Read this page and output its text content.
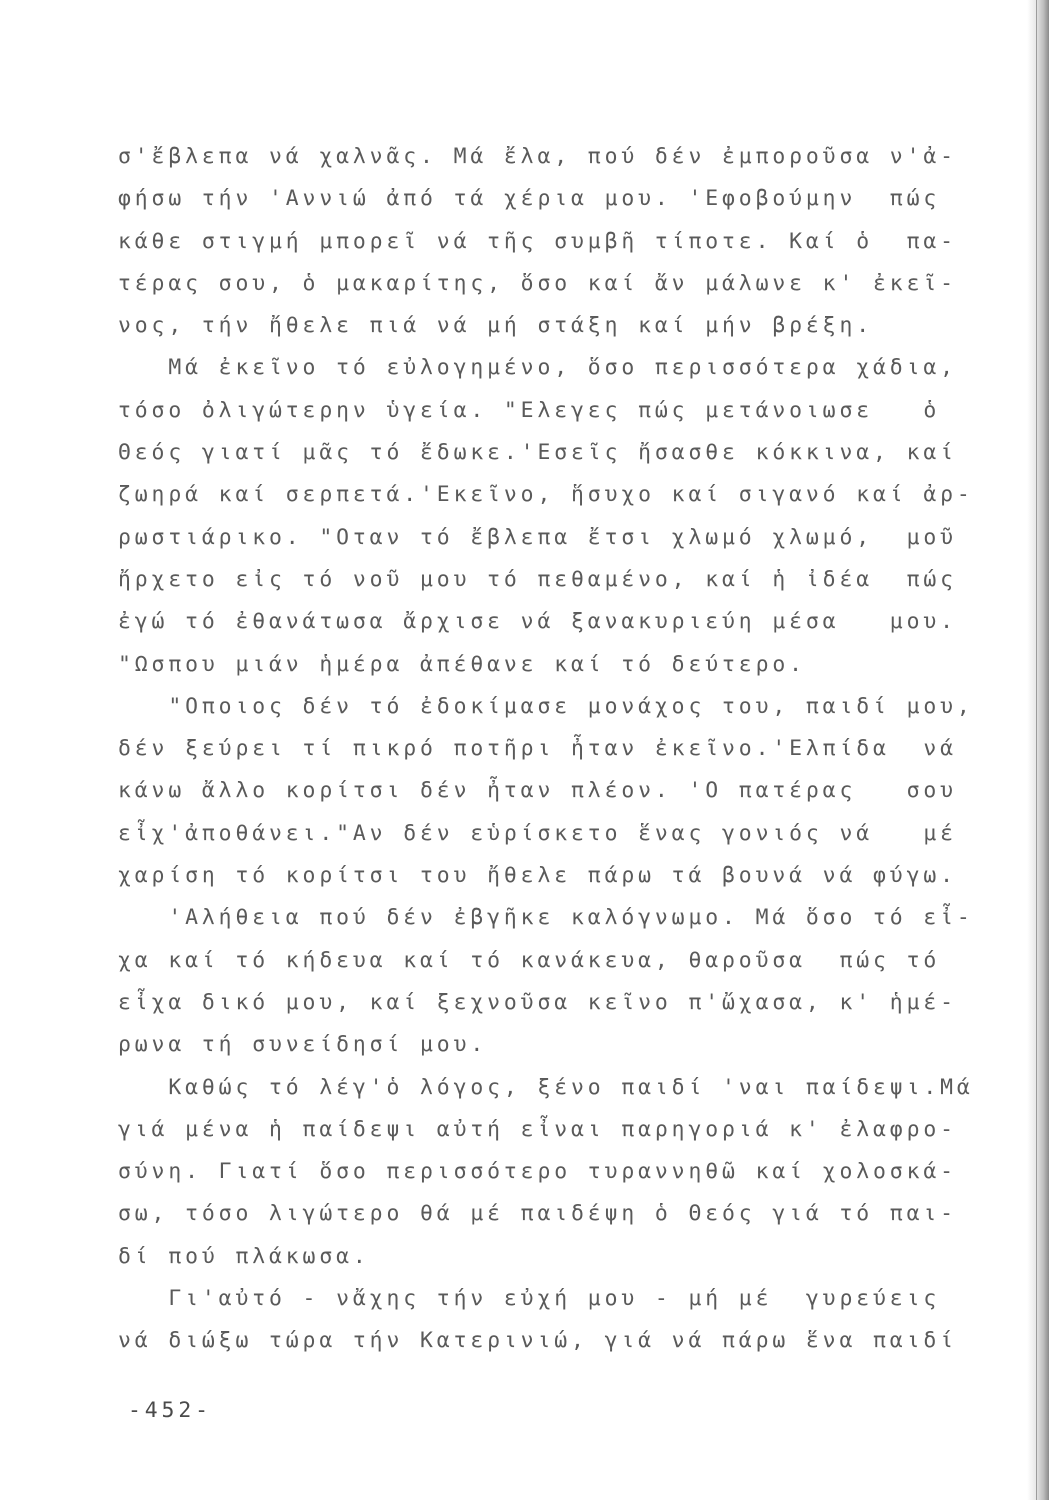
σ'ἔβλεπα νά χαλνᾶς. Μά ἔλα, πού δέν ἐμποροῦσα ν'ἀ-
φήσω τήν 'Αννιώ ἀπό τά χέρια μου. 'Εφοβούμην  πώς
κάθε στιγμή μπορεῖ νά τῆς συμβῆ τίποτε. Καί ὁ  πα-
τέρας σου, ὁ μακαρίτης, ὅσο καί ἄν μάλωνε κ' ἐκεῖ-
νος, τήν ἤθελε πιά νά μή στάξη καί μήν βρέξη.
Μά ἐκεῖνο τό εὐλογημένο, ὅσο περισσότερα χάδια,
τόσο ὀλιγώτερην ὑγεία. "Ελεγες πώς μετάνοιωσε   ὁ
Θεός γιατί μᾶς τό ἔδωκε.'Εσεῖς ἤσασθε κόκκινα, καί
ζωηρά καί σερπετά.'Εκεῖνο, ἥσυχο καί σιγανό καί ἀρ-
ρωστιάρικο. "Οταν τό ἔβλεπα ἔτσι χλωμό χλωμό,  μοῦ
ἤρχετο εἰς τό νοῦ μου τό πεθαμένο, καί ἡ ἰδέα  πώς
ἐγώ τό ἐθανάτωσα ἄρχισε νά ξανακυριεύη μέσα   μου.
"Ωσπου μιάν ἡμέρα ἀπέθανε καί τό δεύτερο.
"Οποιος δέν τό ἐδοκίμασε μονάχος του, παιδί μου,
δέν ξεύρει τί πικρό ποτῆρι ἦταν ἐκεῖνο.'Ελπίδα  νά
κάνω ἄλλο κορίτσι δέν ἦταν πλέον. 'Ο πατέρας   σου
εἶχ'ἀποθάνει."Αν δέν εὑρίσκετο ἕνας γονιός νά   μέ
χαρίση τό κορίτσι του ἤθελε πάρω τά βουνά νά φύγω.
'Αλήθεια πού δέν ἐβγῆκε καλόγνωμο. Μά ὅσο τό εἶ-
χα καί τό κήδευα καί τό κανάκευα, θαροῦσα  πώς τό
εἶχα δικό μου, καί ξεχνοῦσα κεῖνο π'ὤχασα, κ' ἡμέ-
ρωνα τή συνείδησί μου.
Καθώς τό λέγ'ὁ λόγος, ξένο παιδί 'ναι παίδεψι.Μά
γιά μένα ἡ παίδεψι αὐτή εἶναι παρηγοριά κ' ἐλαφρο-
σύνη. Γιατί ὅσο περισσότερο τυραννηθῶ καί χολοσκά-
σω, τόσο λιγώτερο θά μέ παιδέψη ὁ Θεός γιά τό παι-
δί πού πλάκωσα.
Γι'αὐτό - νἄχης τήν εὐχή μου - μή μέ  γυρεύεις
νά διώξω τώρα τήν Κατερινιώ, γιά νά πάρω ἕνα παιδί
-452-
